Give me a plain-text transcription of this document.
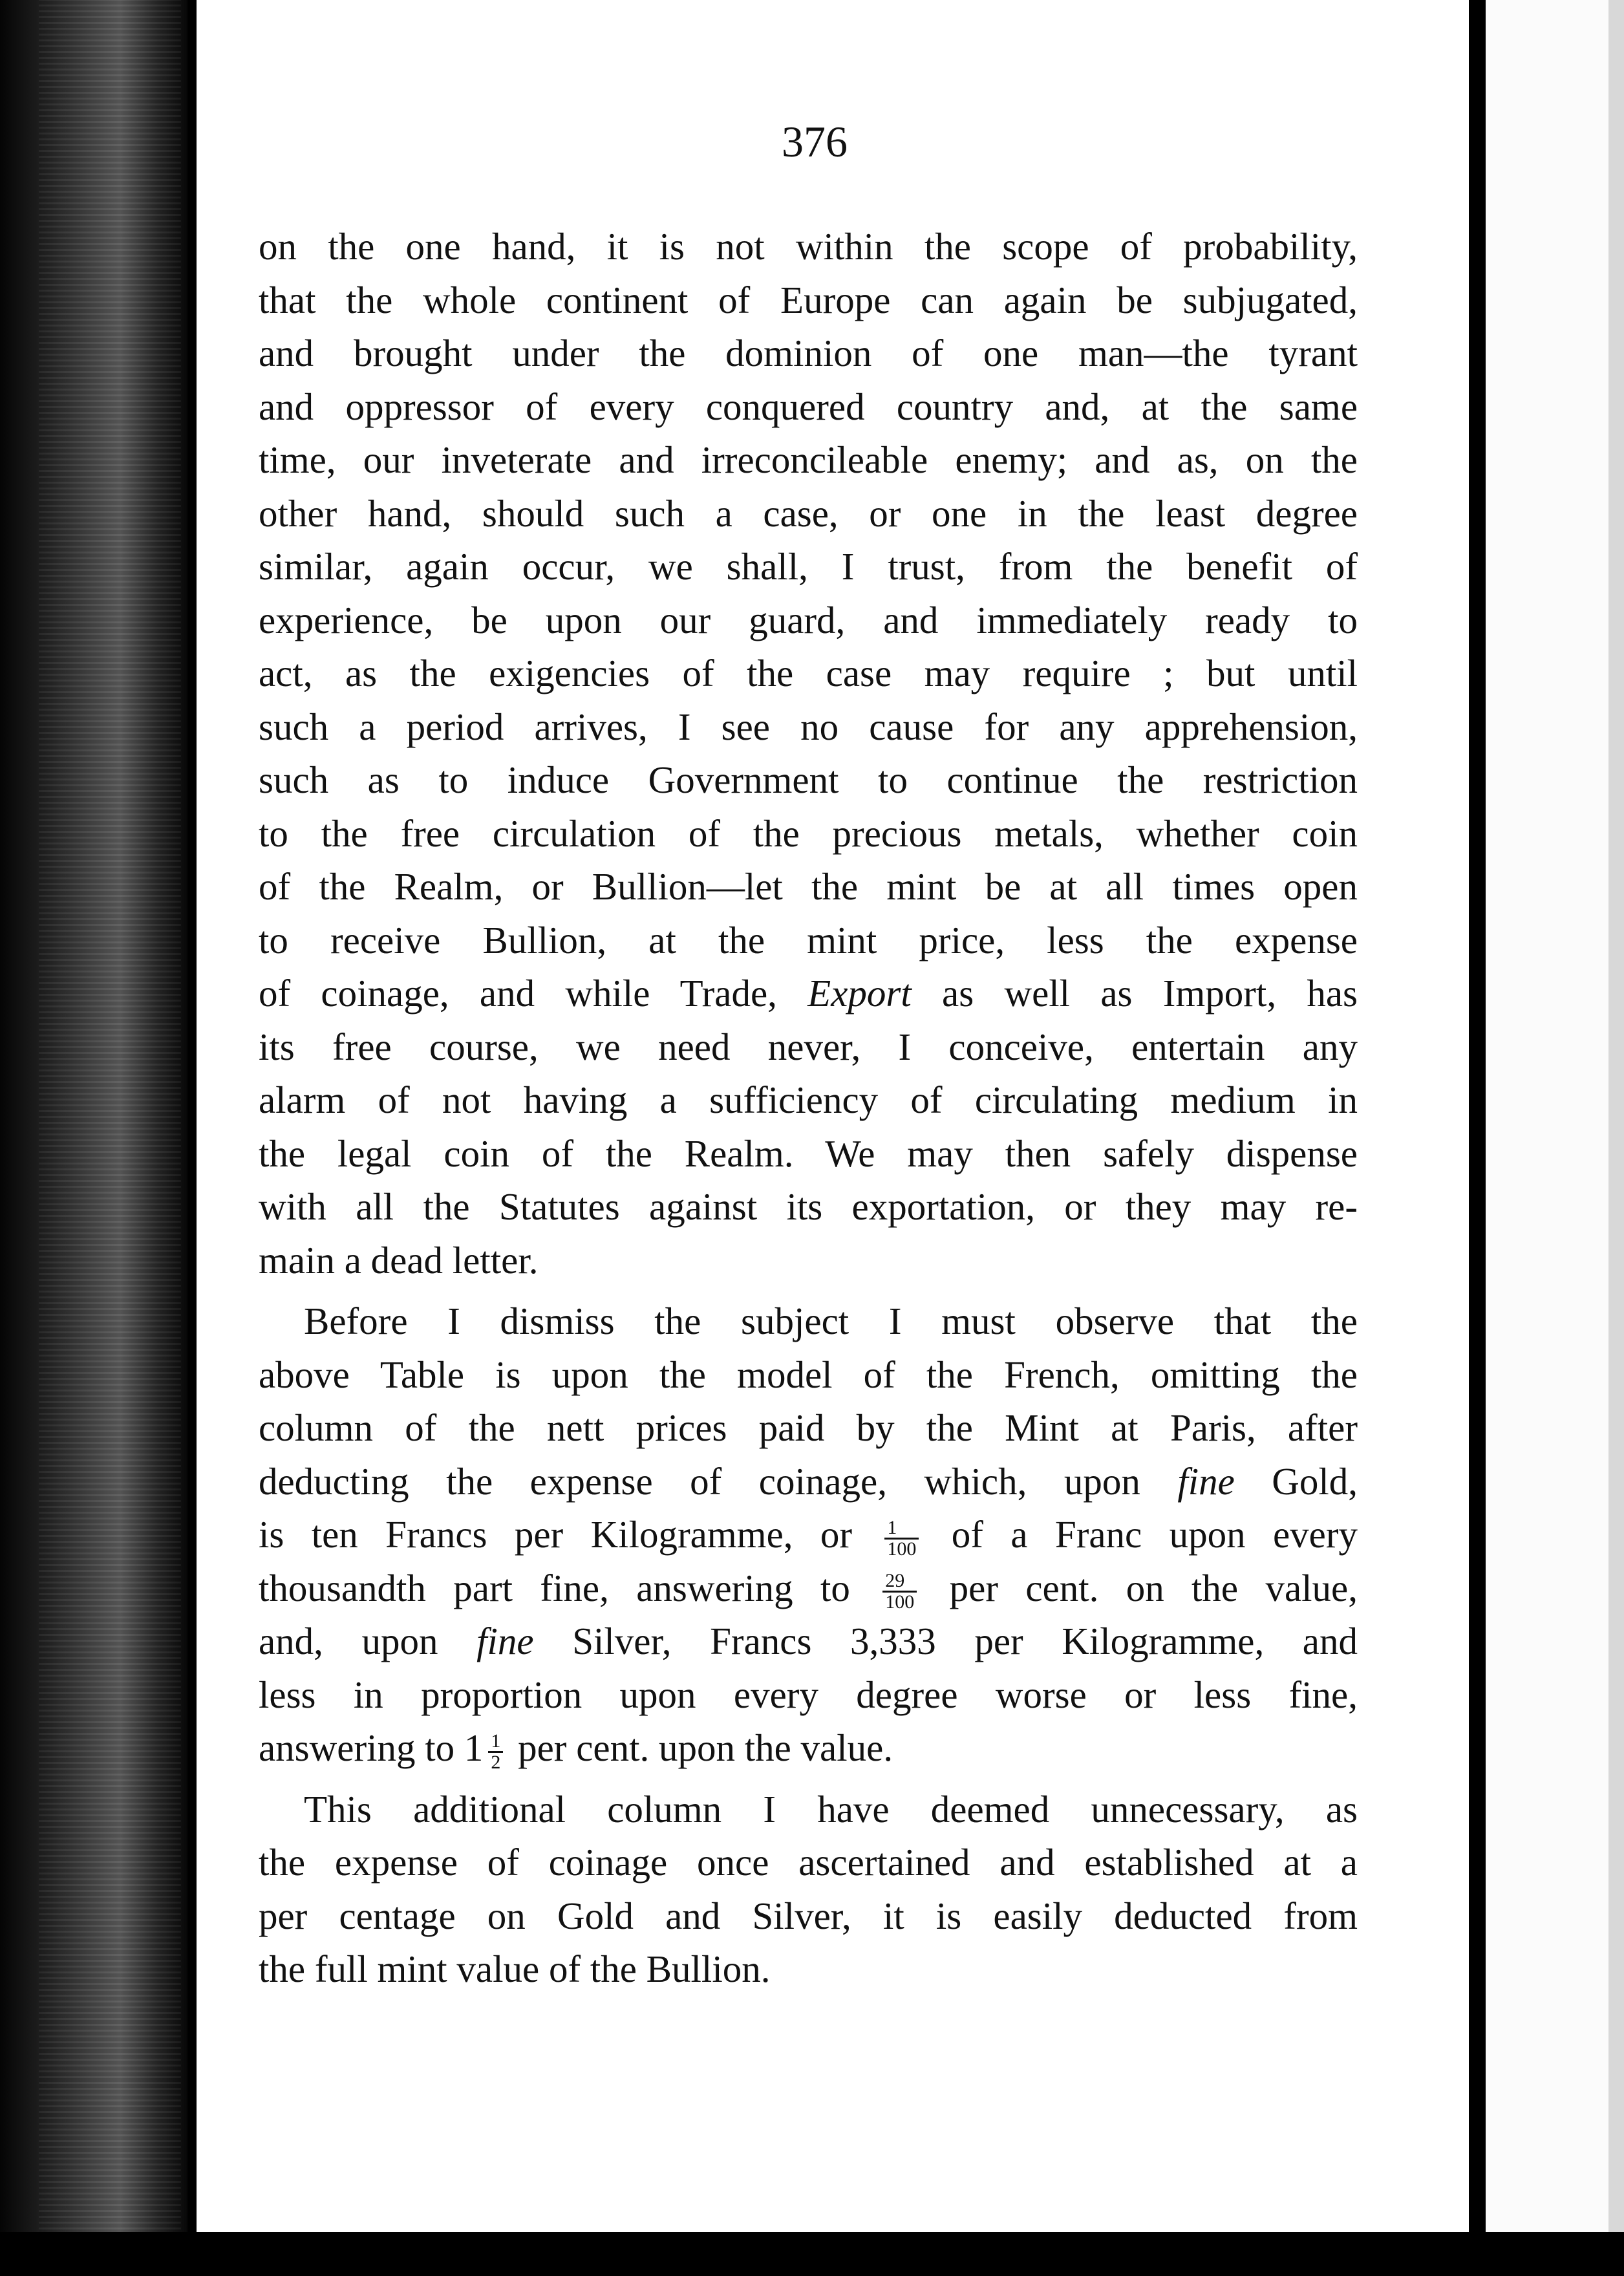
376
on the one hand, it is not within the scope of probability,
that the whole continent of Europe can again be subjugated,
and brought under the dominion of one man—the tyrant
and oppressor of every conquered country and, at the same
time, our inveterate and irreconcileable enemy; and as, on the
other hand, should such a case, or one in the least degree
similar, again occur, we shall, I trust, from the benefit of
experience, be upon our guard, and immediately ready to
act, as the exigencies of the case may require ; but until
such a period arrives, I see no cause for any apprehension,
such as to induce Government to continue the restriction
to the free circulation of the precious metals, whether coin
of the Realm, or Bullion—let the mint be at all times open
to receive Bullion, at the mint price, less the expense
of coinage, and while Trade, Export as well as Import, has
its free course, we need never, I conceive, entertain any
alarm of not having a sufficiency of circulating medium in
the legal coin of the Realm. We may then safely dispense
with all the Statutes against its exportation, or they may re-
main a dead letter.
Before I dismiss the subject I must observe that the
above Table is upon the model of the French, omitting the
column of the nett prices paid by the Mint at Paris, after
deducting the expense of coinage, which, upon fine Gold,
is ten Francs per Kilogramme, or $\frac{1}{100}$ of a Franc upon every
thousandth part fine, answering to $\frac{29}{100}$ per cent. on the value,
and, upon fine Silver, Francs 3,333 per Kilogramme, and
less in proportion upon every degree worse or less fine,
answering to $1 \frac{1}{2}$ per cent. upon the value.
This additional column I have deemed unnecessary, as
the expense of coinage once ascertained and established at a
per centage on Gold and Silver, it is easily deducted from
the full mint value of the Bullion.
